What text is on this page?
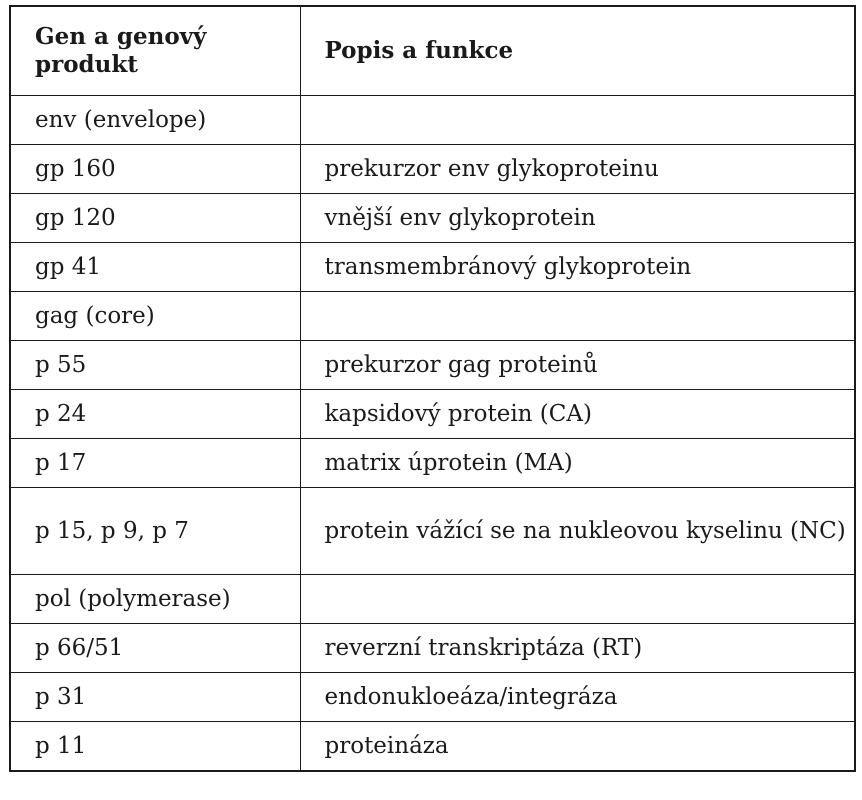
Gen a genový produkt	Popis a funkce
env (envelope)	
gp 160	prekurzor env glykoproteinu
gp 120	vnější env glykoprotein
gp 41	transmembránový glykoprotein
gag (core)	
p 55	prekurzor gag proteinů
p 24	kapsidový protein (CA)
p 17	matrix úprotein (MA)
p 15, p 9, p 7	protein vážící se na nukleovou kyselinu (NC)
pol (polymerase)	
p 66/51	reverzní transkriptáza (RT)
p 31	endonukloeáza/integráza
p 11	proteináza
